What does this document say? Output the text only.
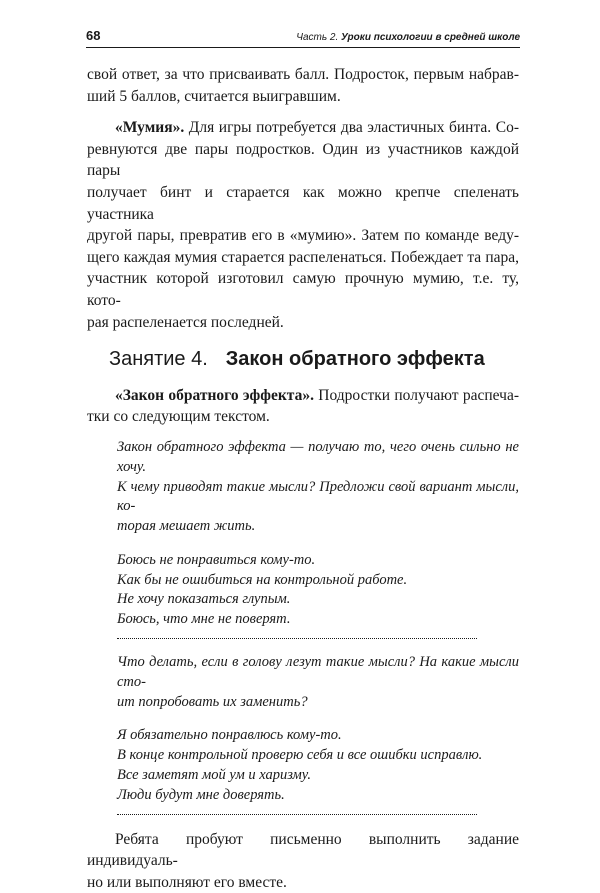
68	Часть 2. Уроки психологии в средней школе

свой ответ, за что присваивать балл. Подросток, первым набрав-
ший 5 баллов, считается выигравшим.

«Мумия». Для игры потребуется два эластичных бинта. Со-
ревнуются две пары подростков. Один из участников каждой пары
получает бинт и старается как можно крепче спеленать участника
другой пары, превратив его в «мумию». Затем по команде веду-
щего каждая мумия старается распеленаться. Побеждает та пара,
участник которой изготовил самую прочную мумию, т.е. ту, кото-
рая распеленается последней.

Занятие 4. Закон обратного эффекта

«Закон обратного эффекта». Подростки получают распеча-
тки со следующим текстом.

Закон обратного эффекта — получаю то, чего очень сильно не
хочу.
К чему приводят такие мысли? Предложи свой вариант мысли, ко-
торая мешает жить.
Боюсь не понравиться кому-то.
Как бы не ошибиться на контрольной работе.
Не хочу показаться глупым.
Боюсь, что мне не поверят.
Что делать, если в голову лезут такие мысли? На какие мысли сто-
ит попробовать их заменить?
Я обязательно понравлюсь кому-то.
В конце контрольной проверю себя и все ошибки исправлю.
Все заметят мой ум и харизму.
Люди будут мне доверять.

Ребята пробуют письменно выполнить задание индивидуаль-
но или выполняют его вместе.
